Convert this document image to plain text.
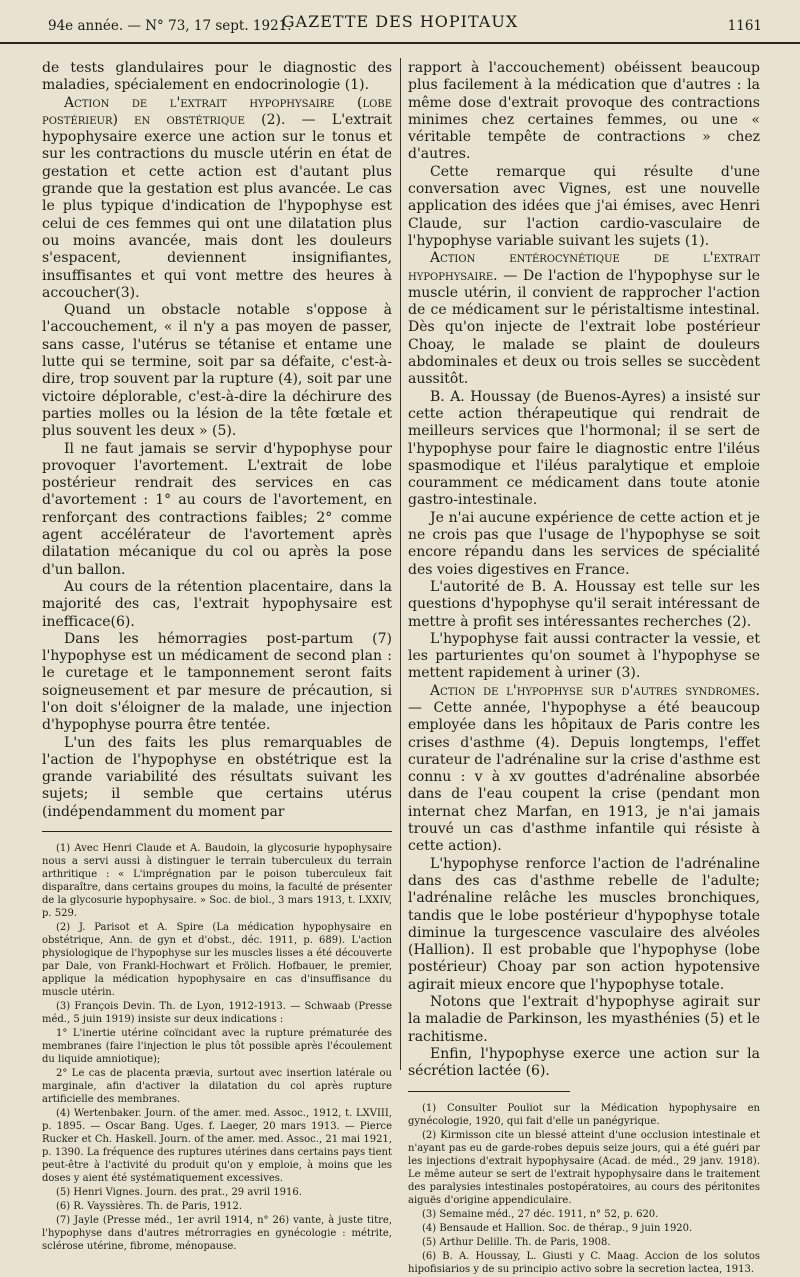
94e année. — N° 73, 17 sept. 1921.
GAZETTE DES HOPITAUX	1161

de tests glandulaires pour le diagnostic des maladies, spécialement en endocrinologie (1).

Action de l'extrait hypophysaire (lobe postérieur) en obstétrique (2). — L'extrait hypophysaire exerce une action sur le tonus et sur les contractions du muscle utérin en état de gestation et cette action est d'autant plus grande que la gestation est plus avancée. Le cas le plus typique d'indication de l'hypophyse est celui de ces femmes qui ont une dilatation plus ou moins avancée, mais dont les douleurs s'espacent, deviennent insignifiantes, insuffisantes et qui vont mettre des heures à accoucher(3).

Quand un obstacle notable s'oppose à l'accouchement, « il n'y a pas moyen de passer, sans casse, l'utérus se tétanise et entame une lutte qui se termine, soit par sa défaite, c'est-à-dire, trop souvent par la rupture (4), soit par une victoire déplorable, c'est-à-dire la déchirure des parties molles ou la lésion de la tête fœtale et plus souvent les deux » (5).

Il ne faut jamais se servir d'hypophyse pour provoquer l'avortement. L'extrait de lobe postérieur rendrait des services en cas d'avortement : 1° au cours de l'avortement, en renforçant des contractions faibles; 2° comme agent accélérateur de l'avortement après dilatation mécanique du col ou après la pose d'un ballon.

Au cours de la rétention placentaire, dans la majorité des cas, l'extrait hypophysaire est inefficace(6).

Dans les hémorragies post-partum (7) l'hypophyse est un médicament de second plan : le curetage et le tamponnement seront faits soigneusement et par mesure de précaution, si l'on doit s'éloigner de la malade, une injection d'hypophyse pourra être tentée.

L'un des faits les plus remarquables de l'action de l'hypophyse en obstétrique est la grande variabilité des résultats suivant les sujets; il semble que certains utérus (indépendamment du moment par

(1) Avec Henri Claude et A. Baudoin, la glycosurie hypophysaire nous a servi aussi à distinguer le terrain tuberculeux du terrain arthritique : « L'imprégnation par le poison tuberculeux fait disparaître, dans certains groupes du moins, la faculté de présenter de la glycosurie hypophysaire. » Soc. de biol., 3 mars 1913, t. LXXIV, p. 529.

(2) J. Parisot et A. Spire (La médication hypophysaire en obstétrique, Ann. de gyn et d'obst., déc. 1911, p. 689). L'action physiologique de l'hypophyse sur les muscles lisses a été découverte par Dale, von Frankl-Hochwart et Frölich. Hofbauer, le premier, applique la médication hypophysaire en cas d'insuffisance du muscle utérin.

(3) François Devin. Th. de Lyon, 1912-1913. — Schwaab (Presse méd., 5 juin 1919) insiste sur deux indications :

1° L'inertie utérine coïncidant avec la rupture prématurée des membranes (faire l'injection le plus tôt possible après l'écoulement du liquide amniotique);

2° Le cas de placenta prævia, surtout avec insertion latérale ou marginale, afin d'activer la dilatation du col après rupture artificielle des membranes.

(4) Wertenbaker. Journ. of the amer. med. Assoc., 1912, t. LXVIII, p. 1895. — Oscar Bang. Uges. f. Laeger, 20 mars 1913. — Pierce Rucker et Ch. Haskell. Journ. of the amer. med. Assoc., 21 mai 1921, p. 1390. La fréquence des ruptures utérines dans certains pays tient peut-être à l'activité du produit qu'on y emploie, à moins que les doses y aient été systématiquement excessives.

(5) Henri Vignes. Journ. des prat., 29 avril 1916.

(6) R. Vayssières. Th. de Paris, 1912.

(7) Jayle (Presse méd., 1er avril 1914, n° 26) vante, à juste titre, l'hypophyse dans d'autres métrorragies en gynécologie : métrite, sclérose utérine, fibrome, ménopause.

rapport à l'accouchement) obéissent beaucoup plus facilement à la médication que d'autres : la même dose d'extrait provoque des contractions minimes chez certaines femmes, ou une « véritable tempête de contractions » chez d'autres.

Cette remarque qui résulte d'une conversation avec Vignes, est une nouvelle application des idées que j'ai émises, avec Henri Claude, sur l'action cardio-vasculaire de l'hypophyse variable suivant les sujets (1).

Action entérocynétique de l'extrait hypophysaire. — De l'action de l'hypophyse sur le muscle utérin, il convient de rapprocher l'action de ce médicament sur le péristaltisme intestinal. Dès qu'on injecte de l'extrait lobe postérieur Choay, le malade se plaint de douleurs abdominales et deux ou trois selles se succèdent aussitôt.

B. A. Houssay (de Buenos-Ayres) a insisté sur cette action thérapeutique qui rendrait de meilleurs services que l'hormonal; il se sert de l'hypophyse pour faire le diagnostic entre l'iléus spasmodique et l'iléus paralytique et emploie couramment ce médicament dans toute atonie gastro-intestinale.

Je n'ai aucune expérience de cette action et je ne crois pas que l'usage de l'hypophyse se soit encore répandu dans les services de spécialité des voies digestives en France.

L'autorité de B. A. Houssay est telle sur les questions d'hypophyse qu'il serait intéressant de mettre à profit ses intéressantes recherches (2).

L'hypophyse fait aussi contracter la vessie, et les parturientes qu'on soumet à l'hypophyse se mettent rapidement à uriner (3).

Action de l'hypophyse sur d'autres syndromes. — Cette année, l'hypophyse a été beaucoup employée dans les hôpitaux de Paris contre les crises d'asthme (4). Depuis longtemps, l'effet curateur de l'adrénaline sur la crise d'asthme est connu : v à xv gouttes d'adrénaline absorbée dans de l'eau coupent la crise (pendant mon internat chez Marfan, en 1913, je n'ai jamais trouvé un cas d'asthme infantile qui résiste à cette action).

L'hypophyse renforce l'action de l'adrénaline dans des cas d'asthme rebelle de l'adulte; l'adrénaline relâche les muscles bronchiques, tandis que le lobe postérieur d'hypophyse totale diminue la turgescence vasculaire des alvéoles (Hallion). Il est probable que l'hypophyse (lobe postérieur) Choay par son action hypotensive agirait mieux encore que l'hypophyse totale.

Notons que l'extrait d'hypophyse agirait sur la maladie de Parkinson, les myasthénies (5) et le rachitisme.

Enfin, l'hypophyse exerce une action sur la sécrétion lactée (6).

(1) Consulter Pouliot sur la Médication hypophysaire en gynécologie, 1920, qui fait d'elle un panégyrique.

(2) Kirmisson cite un blessé atteint d'une occlusion intestinale et n'ayant pas eu de garde-robes depuis seize jours, qui a été guéri par les injections d'extrait hypophysaire (Acad. de méd., 29 janv. 1918). Le même auteur se sert de l'extrait hypophysaire dans le traitement des paralysies intestinales postopératoires, au cours des péritonites aiguës d'origine appendiculaire.

(3) Semaine méd., 27 déc. 1911, n° 52, p. 620.

(4) Bensaude et Hallion. Soc. de thérap., 9 juin 1920.

(5) Arthur Delille. Th. de Paris, 1908.

(6) B. A. Houssay, L. Giusti y C. Maag. Accion de los solutos hipofisiarios y de su principio activo sobre la secretion lactea, 1913.
